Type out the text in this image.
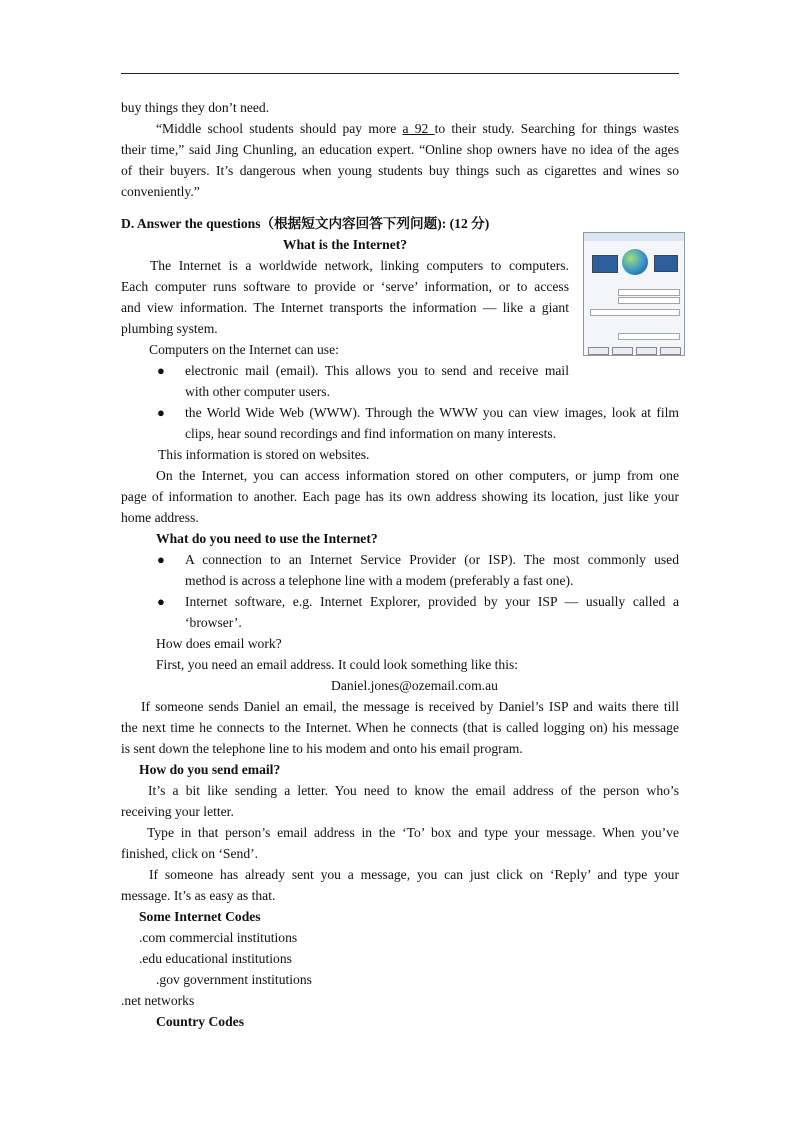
buy things they don’t need.
“Middle school students should pay more a 92 to their study. Searching for things wastes
their time,” said Jing Chunling, an education expert. “Online shop owners have no idea of the ages
of their buyers. It’s dangerous when young students buy things such as cigarettes and wines so
conveniently.”
D. Answer the questions（根据短文内容回答下列问题): (12 分)
What is the Internet?
The Internet is a worldwide network, linking computers to computers.
Each computer runs software to provide or ‘serve’ information, or to access
and view information. The Internet transports the information — like a giant
plumbing system.
Computers on the Internet can use:
●
electronic mail (email). This allows you to send and receive mail
with other computer users.
●
the World Wide Web (WWW). Through the WWW you can view images, look at film
clips, hear sound recordings and find information on many interests.
This information is stored on websites.
On the Internet, you can access information stored on other computers, or jump from one
page of information to another. Each page has its own address showing its location, just like your
home address.
What do you need to use the Internet?
●
A connection to an Internet Service Provider (or ISP). The most commonly used
method is across a telephone line with a modem (preferably a fast one).
●
Internet software, e.g. Internet Explorer, provided by your ISP — usually called a
‘browser’.
How does email work?
First, you need an email address. It could look something like this:
Daniel.jones@ozemail.com.au
If someone sends Daniel an email, the message is received by Daniel’s ISP and waits there till
the next time he connects to the Internet. When he connects (that is called logging on) his message
is sent down the telephone line to his modem and onto his email program.
How do you send email?
It’s a bit like sending a letter. You need to know the email address of the person who’s
receiving your letter.
Type in that person’s email address in the ‘To’ box and type your message. When you’ve
finished, click on ‘Send’.
If someone has already sent you a message, you can just click on ‘Reply’ and type your
message. It’s as easy as that.
Some Internet Codes
.com commercial institutions
.edu educational institutions
.gov government institutions
.net networks
Country Codes
